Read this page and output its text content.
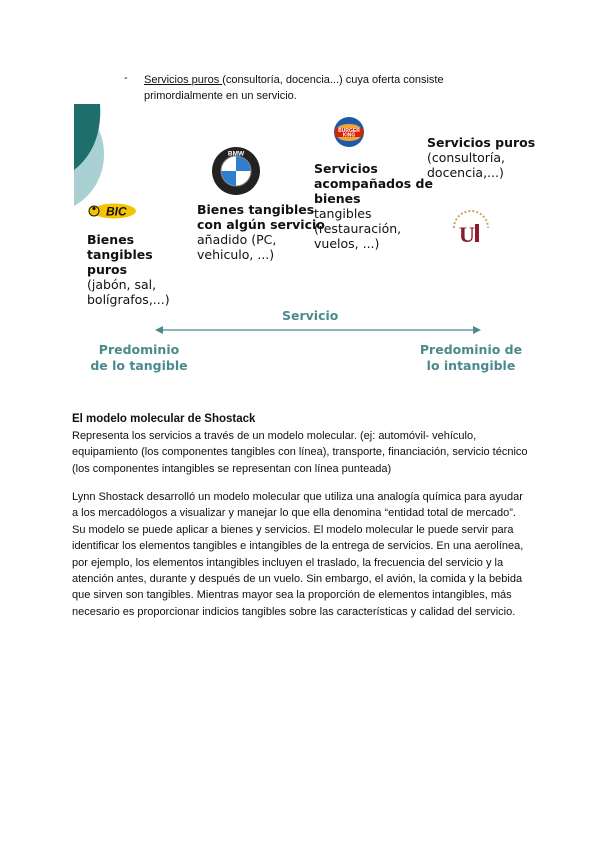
- Servicios puros (consultoría, docencia...) cuya oferta consiste primordialmente en un servicio.
BIC
BMW
BURGER
KING
U
Bienes tangibles puros
(jabón, sal, bolígrafos,...)
Bienes tangibles con algún servicio
añadido (PC, vehiculo, ...)
Servicios acompañados de bienes
tangibles (restauración, vuelos, ...)
Servicios puros
(consultoría, docencia,...)
Servicio
Predominio de lo tangible
Predominio de lo intangible
El modelo molecular de Shostack
Representa los servicios a través de un modelo molecular. (ej: automóvil- vehículo, equipamiento (los componentes tangibles con línea), transporte, financiación, servicio técnico (los componentes intangibles se representan con línea punteada)
Lynn Shostack desarrolló un modelo molecular que utiliza una analogía química para ayudar a los mercadólogos a visualizar y manejar lo que ella denomina “entidad total de mercado”. Su modelo se puede aplicar a bienes y servicios. El modelo molecular le puede servir para identificar los elementos tangibles e intangibles de la entrega de servicios. En una aerolínea, por ejemplo, los elementos intangibles incluyen el traslado, la frecuencia del servicio y la atención antes, durante y después de un vuelo. Sin embargo, el avión, la comida y la bebida que sirven son tangibles. Mientras mayor sea la proporción de elementos intangibles, más necesario es proporcionar indicios tangibles sobre las características y calidad del servicio.
